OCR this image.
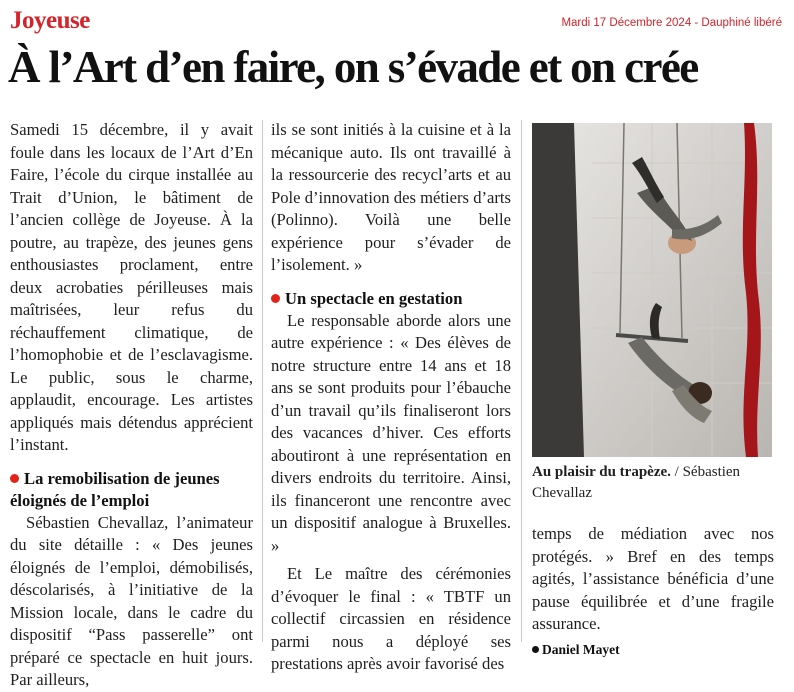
Joyeuse	Mardi 17 Décembre 2024 - Dauphiné libéré
À l’Art d’en faire, on s’évade et on crée

Samedi 15 décembre, il y avait foule dans les locaux de l’Art d’En Faire, l’école du cirque installée au Trait d’Union, le bâtiment de l’ancien collège de Joyeuse. À la poutre, au trapèze, des jeunes gens enthousiastes proclament, entre deux acrobaties périlleuses mais maîtrisées, leur refus du réchauffement climatique, de l’homophobie et de l’esclavagisme. Le public, sous le charme, applaudit, encourage. Les artistes appliqués mais détendus apprécient l’instant.

La remobilisation de jeunes éloignés de l’emploi

Sébastien Chevallaz, l’animateur du site détaille : « Des jeunes éloignés de l’emploi, démobilisés, déscolarisés, à l’initiative de la Mission locale, dans le cadre du dispositif “Pass passerelle” ont préparé ce spectacle en huit jours. Par ailleurs,

ils se sont initiés à la cuisine et à la mécanique auto. Ils ont travaillé à la ressourcerie des recycl’arts et au Pole d’innovation des métiers d’arts (Polinno). Voilà une belle expérience pour s’évader de l’isolement. »

Un spectacle en gestation

Le responsable aborde alors une autre expérience : « Des élèves de notre structure entre 14 ans et 18 ans se sont produits pour l’ébauche d’un travail qu’ils finaliseront lors des vacances d’hiver. Ces efforts aboutiront à une représentation en divers endroits du territoire. Ainsi, ils financeront une rencontre avec un dispositif analogue à Bruxelles. »

Et Le maître des cérémonies d’évoquer le final : « TBTF un collectif circassien en résidence parmi nous a déployé ses prestations après avoir favorisé des

Au plaisir du trapèze. / Sébastien Chevallaz

temps de médiation avec nos protégés. » Bref en des temps agités, l’assistance bénéficia d’une pause équilibrée et d’une fragile assurance.

Daniel Mayet
